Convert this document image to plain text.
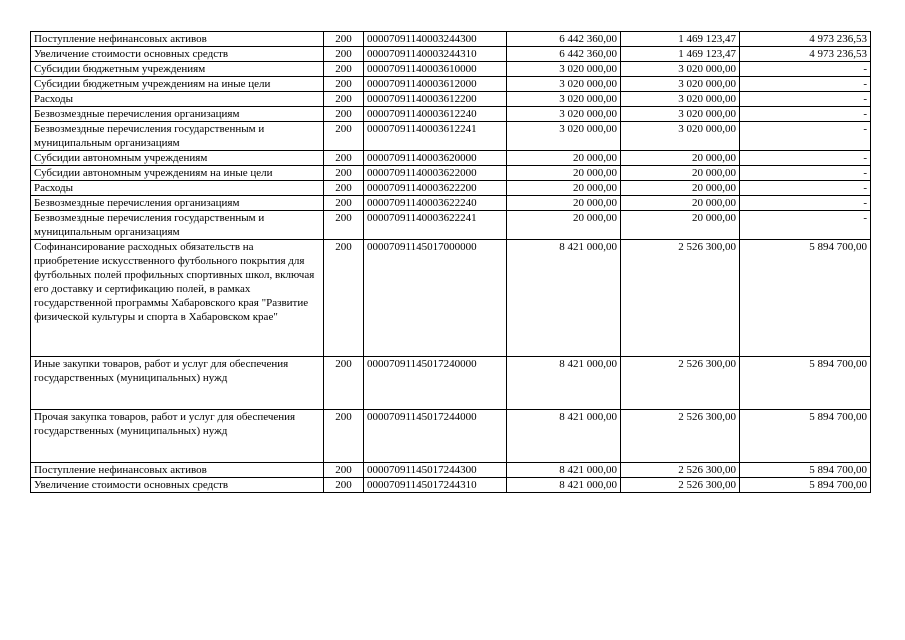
Поступление нефинансовых активов	200	00007091140003244300	6 442 360,00	1 469 123,47	4 973 236,53
Увеличение стоимости основных средств	200	00007091140003244310	6 442 360,00	1 469 123,47	4 973 236,53
Субсидии бюджетным учреждениям	200	00007091140003610000	3 020 000,00	3 020 000,00	-
Субсидии бюджетным учреждениям на иные цели	200	00007091140003612000	3 020 000,00	3 020 000,00	-
Расходы	200	00007091140003612200	3 020 000,00	3 020 000,00	-
Безвозмездные перечисления организациям	200	00007091140003612240	3 020 000,00	3 020 000,00	-
Безвозмездные перечисления государственным и муниципальным организациям	200	00007091140003612241	3 020 000,00	3 020 000,00	-
Субсидии автономным учреждениям	200	00007091140003620000	20 000,00	20 000,00	-
Субсидии автономным учреждениям на иные цели	200	00007091140003622000	20 000,00	20 000,00	-
Расходы	200	00007091140003622200	20 000,00	20 000,00	-
Безвозмездные перечисления организациям	200	00007091140003622240	20 000,00	20 000,00	-
Безвозмездные перечисления государственным и муниципальным организациям	200	00007091140003622241	20 000,00	20 000,00	-
Софинансирование расходных обязательств на приобретение искусственного футбольного покрытия для футбольных полей профильных спортивных школ, включая его доставку и сертификацию полей, в рамках государственной программы Хабаровского края "Развитие физической культуры и спорта в Хабаровском крае"	200	00007091145017000000	8 421 000,00	2 526 300,00	5 894 700,00
Иные закупки товаров, работ и услуг для обеспечения государственных (муниципальных) нужд	200	00007091145017240000	8 421 000,00	2 526 300,00	5 894 700,00
Прочая закупка товаров, работ и услуг для обеспечения государственных (муниципальных) нужд	200	00007091145017244000	8 421 000,00	2 526 300,00	5 894 700,00
Поступление нефинансовых активов	200	00007091145017244300	8 421 000,00	2 526 300,00	5 894 700,00
Увеличение стоимости основных средств	200	00007091145017244310	8 421 000,00	2 526 300,00	5 894 700,00
